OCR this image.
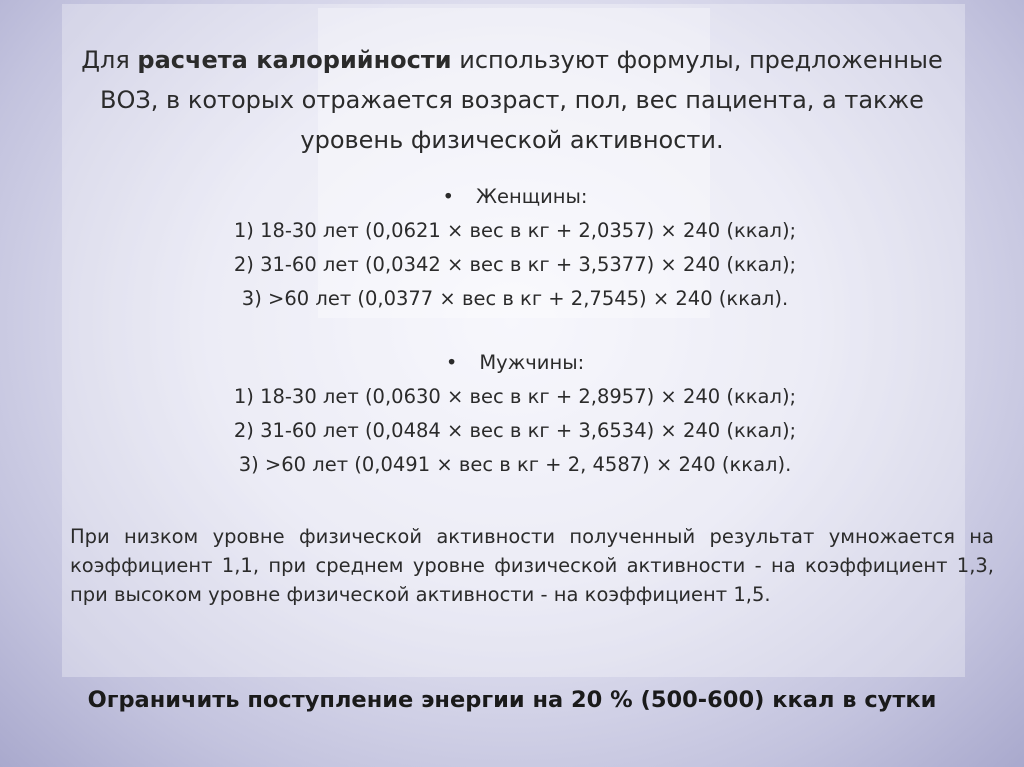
Для расчета калорийности используют формулы, предложенные ВОЗ, в которых отражается возраст, пол, вес пациента, а также уровень физической активности.
• Женщины:
1) 18-30 лет (0,0621 × вес в кг + 2,0357) × 240 (ккал);
2) 31-60 лет (0,0342 × вес в кг + 3,5377) × 240 (ккал);
3) >60 лет (0,0377 × вес в кг + 2,7545) × 240 (ккал).
• Мужчины:
1) 18-30 лет (0,0630 × вес в кг + 2,8957) × 240 (ккал);
2) 31-60 лет (0,0484 × вес в кг + 3,6534) × 240 (ккал);
3) >60 лет (0,0491 × вес в кг + 2, 4587) × 240 (ккал).
При низком уровне физической активности полученный результат умножается на коэффициент 1,1, при среднем уровне физической активности - на коэффициент 1,3, при высоком уровне физической активности - на коэффициент 1,5.
Ограничить поступление энергии на 20 % (500-600) ккал в сутки
